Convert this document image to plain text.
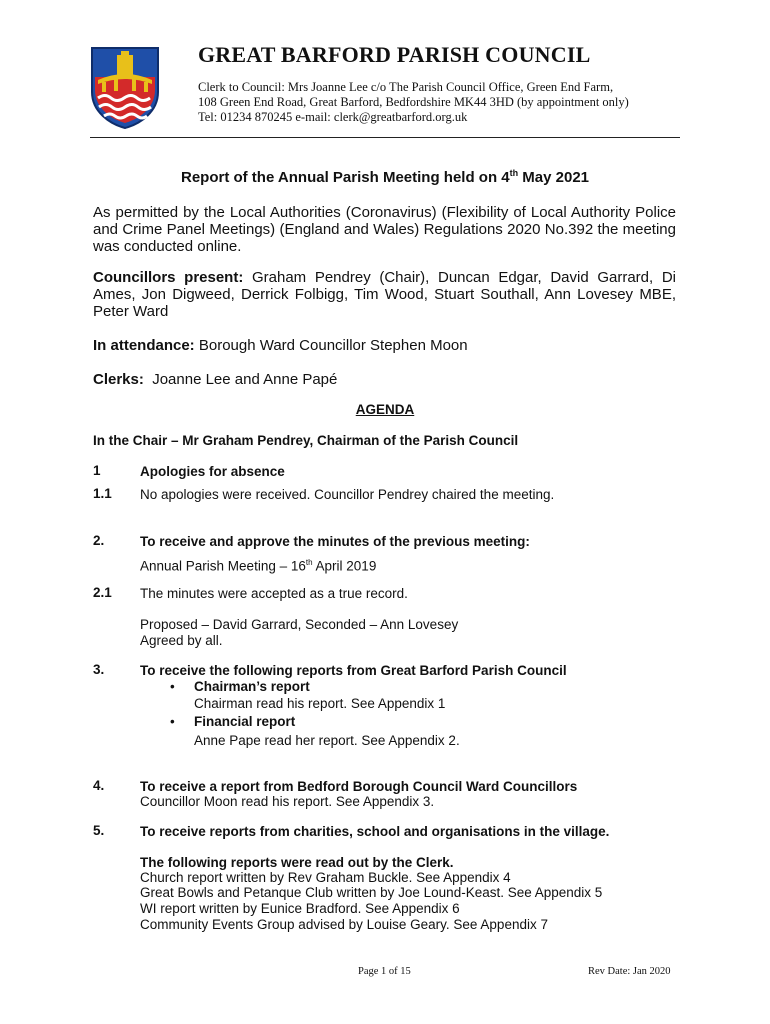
GREAT BARFORD PARISH COUNCIL
Clerk to Council: Mrs Joanne Lee c/o The Parish Council Office, Green End Farm,
108 Green End Road, Great Barford, Bedfordshire MK44 3HD (by appointment only)
Tel: 01234 870245 e-mail: clerk@greatbarford.org.uk
Report of the Annual Parish Meeting held on 4th May 2021
As permitted by the Local Authorities (Coronavirus) (Flexibility of Local Authority Police and Crime Panel Meetings) (England and Wales) Regulations 2020 No.392 the meeting was conducted online.
Councillors present: Graham Pendrey (Chair), Duncan Edgar, David Garrard, Di Ames, Jon Digweed, Derrick Folbigg, Tim Wood, Stuart Southall, Ann Lovesey MBE, Peter Ward
In attendance: Borough Ward Councillor Stephen Moon
Clerks:  Joanne Lee and Anne Papé
AGENDA
In the Chair – Mr Graham Pendrey, Chairman of the Parish Council
1	Apologies for absence
1.1 No apologies were received. Councillor Pendrey chaired the meeting.
2.	To receive and approve the minutes of the previous meeting:
Annual Parish Meeting – 16th April 2019
2.1 The minutes were accepted as a true record.
Proposed – David Garrard, Seconded – Ann Lovesey
Agreed by all.
3.	To receive the following reports from Great Barford Parish Council
• Chairman’s report
Chairman read his report. See Appendix 1
• Financial report
Anne Pape read her report. See Appendix 2.
4.	To receive a report from Bedford Borough Council Ward Councillors
Councillor Moon read his report. See Appendix 3.
5.	To receive reports from charities, school and organisations in the village.
The following reports were read out by the Clerk.
Church report written by Rev Graham Buckle. See Appendix 4
Great Bowls and Petanque Club written by Joe Lound-Keast. See Appendix 5
WI report written by Eunice Bradford. See Appendix 6
Community Events Group advised by Louise Geary. See Appendix 7
Page 1 of 15	Rev Date: Jan 2020
